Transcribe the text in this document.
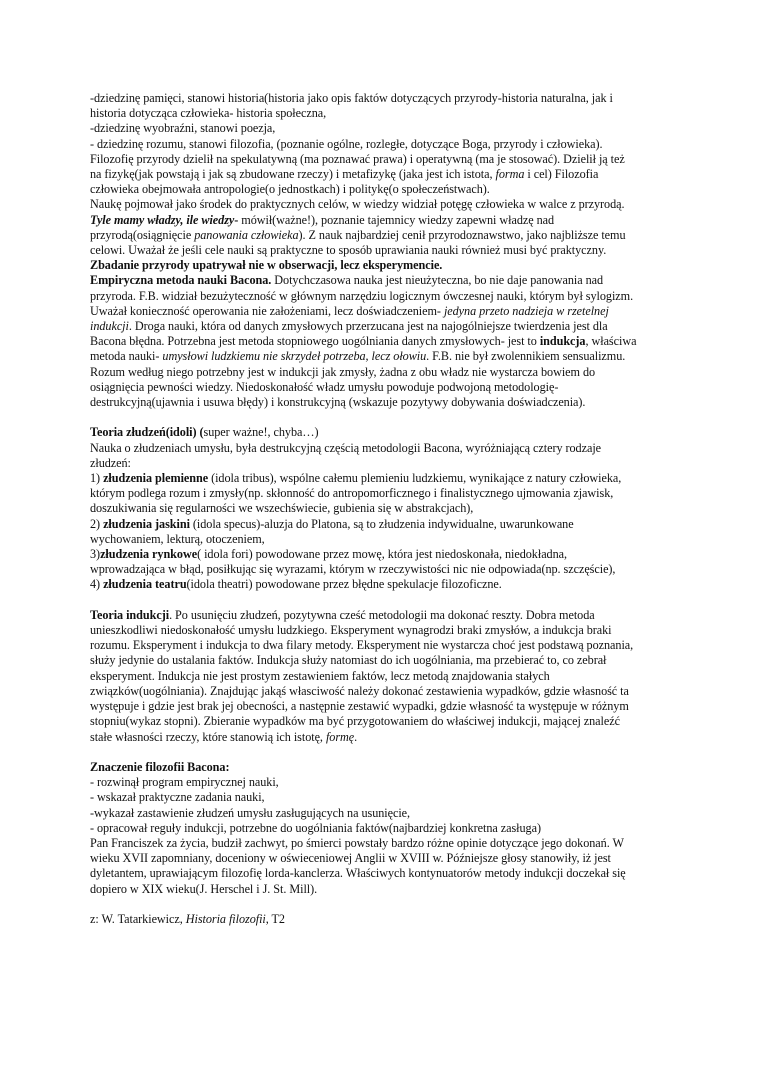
-dziedzinę pamięci, stanowi historia(historia jako opis faktów dotyczących przyrody-historia naturalna, jak i
historia dotycząca człowieka- historia społeczna,
-dziedzinę wyobraźni, stanowi poezja,
- dziedzinę rozumu, stanowi filozofia, (poznanie ogólne, rozległe, dotyczące Boga, przyrody i człowieka).
Filozofię przyrody dzielił na spekulatywną (ma poznawać prawa) i operatywną (ma je stosować). Dzielił ją też
na fizykę(jak powstają i jak są zbudowane rzeczy) i metafizykę (jaka jest ich istota, forma i cel) Filozofia
człowieka obejmowała antropologie(o jednostkach) i politykę(o społeczeństwach).
Naukę pojmował jako środek do praktycznych celów, w wiedzy widział potęgę człowieka w walce z przyrodą.
Tyle mamy władzy, ile wiedzy- mówił(ważne!), poznanie tajemnicy wiedzy zapewni władzę nad
przyrodą(osiągnięcie panowania człowieka). Z nauk najbardziej cenił przyrodoznawstwo, jako najbliższe temu
celowi. Uważał że jeśli cele nauki są praktyczne to sposób uprawiania nauki również musi być praktyczny.
Zbadanie przyrody upatrywał nie w obserwacji, lecz eksperymencie.
Empiryczna metoda nauki Bacona. Dotychczasowa nauka jest nieużyteczna, bo nie daje panowania nad
przyroda. F.B. widział bezużyteczność w głównym narzędziu logicznym ówczesnej nauki, którym był sylogizm.
Uważał konieczność operowania nie założeniami, lecz doświadczeniem- jedyna przeto nadzieja w rzetelnej
indukcji. Droga nauki, która od danych zmysłowych przerzucana jest na najogólniejsze twierdzenia jest dla
Bacona błędna. Potrzebna jest metoda stopniowego uogólniania danych zmysłowych- jest to indukcja, właściwa
metoda nauki- umysłowi ludzkiemu nie skrzydeł potrzeba, lecz ołowiu. F.B. nie był zwolennikiem sensualizmu.
Rozum według niego potrzebny jest w indukcji jak zmysły, żadna z obu władz nie wystarcza bowiem do
osiągnięcia pewności wiedzy. Niedoskonałość władz umysłu powoduje podwojoną metodologię-
destrukcyjną(ujawnia i usuwa błędy) i konstrukcyjną (wskazuje pozytywy dobywania doświadczenia).
Teoria złudzeń(idoli) (super ważne!, chyba…)
Nauka o złudzeniach umysłu, była destrukcyjną częścią metodologii Bacona, wyróżniającą cztery rodzaje
złudzeń:
1) złudzenia plemienne (idola tribus), wspólne całemu plemieniu ludzkiemu, wynikające z natury człowieka,
którym podlega rozum i zmysły(np. skłonność do antropomorficznego i finalistycznego ujmowania zjawisk,
doszukiwania się regularności we wszechświecie, gubienia się w abstrakcjach),
2) złudzenia jaskini (idola specus)-aluzja do Platona, są to złudzenia indywidualne, uwarunkowane
wychowaniem, lekturą, otoczeniem,
3)złudzenia rynkowe( idola fori) powodowane przez mowę, która jest niedoskonała, niedokładna,
wprowadzająca w błąd, posiłkując się wyrazami, którym w rzeczywistości nic nie odpowiada(np. szczęście),
4) złudzenia teatru(idola theatri) powodowane przez błędne spekulacje filozoficzne.
Teoria indukcji. Po usunięciu złudzeń, pozytywna cześć metodologii ma dokonać reszty. Dobra metoda
unieszkodliwi niedoskonałość umysłu ludzkiego. Eksperyment wynagrodzi braki zmysłów, a indukcja braki
rozumu. Eksperyment i indukcja to dwa filary metody. Eksperyment nie wystarcza choć jest podstawą poznania,
służy jedynie do ustalania faktów. Indukcja służy natomiast do ich uogólniania, ma przebierać to, co zebrał
eksperyment. Indukcja nie jest prostym zestawieniem faktów, lecz metodą znajdowania stałych
związków(uogólniania). Znajdując jakąś własciwość należy dokonać zestawienia wypadków, gdzie własność ta
występuje i gdzie jest brak jej obecności, a następnie zestawić wypadki, gdzie własność ta występuje w różnym
stopniu(wykaz stopni). Zbieranie wypadków ma być przygotowaniem do właściwej indukcji, mającej znaleźć
stałe własności rzeczy, które stanowią ich istotę, formę.
Znaczenie filozofii Bacona:
- rozwinął program empirycznej nauki,
- wskazał praktyczne zadania nauki,
-wykazał zastawienie złudzeń umysłu zasługujących na usunięcie,
- opracował reguły indukcji, potrzebne do uogólniania faktów(najbardziej konkretna zasługa)
Pan Franciszek za życia, budził zachwyt, po śmierci powstały bardzo różne opinie dotyczące jego dokonań. W
wieku XVII zapomniany, doceniony w oświeceniowej Anglii w XVIII w. Późniejsze głosy stanowiły, iż jest
dyletantem, uprawiającym filozofię lorda-kanclerza. Właściwych kontynuatorów metody indukcji doczekał się
dopiero w XIX wieku(J. Herschel i J. St. Mill).
z: W. Tatarkiewicz, Historia filozofii, T2
